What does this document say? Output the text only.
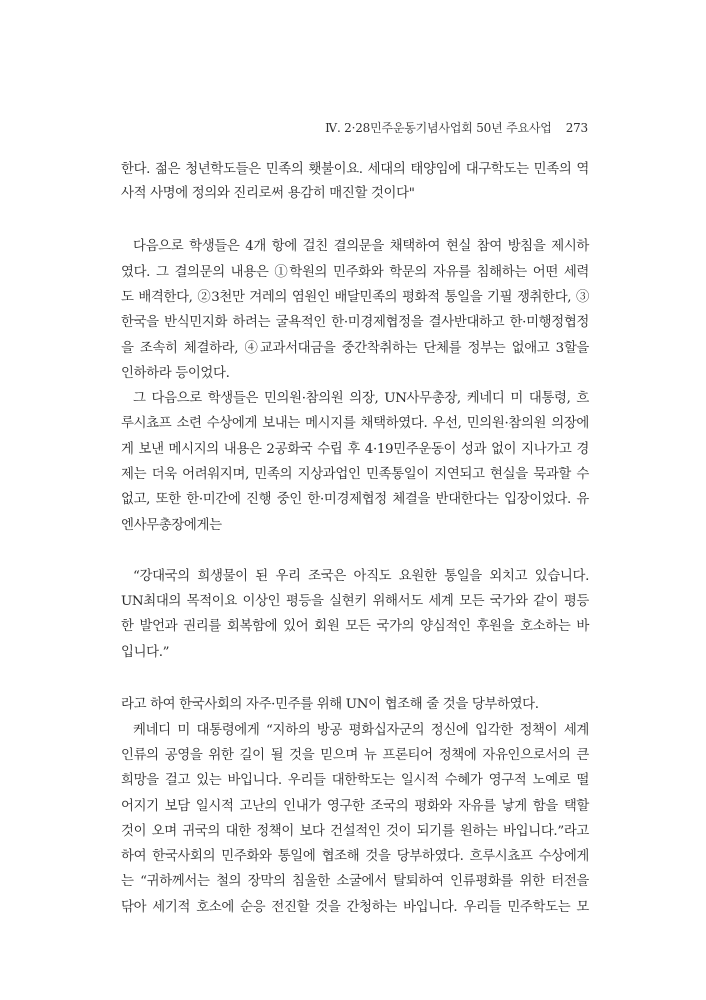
Ⅳ. 2·28민주운동기념사업회 50년 주요사업 273
한다. 젊은 청년학도들은 민족의 횃불이요. 세대의 태양임에 대구학도는 민족의 역
사적 사명에 정의와 진리로써 용감히 매진할 것이다"
다음으로 학생들은 4개 항에 걸친 결의문을 채택하여 현실 참여 방침을 제시하
였다. 그 결의문의 내용은 ①학원의 민주화와 학문의 자유를 침해하는 어떤 세력
도 배격한다, ②3천만 겨레의 염원인 배달민족의 평화적 통일을 기필 쟁취한다, ③
한국을 반식민지화 하려는 굴욕적인 한·미경제협정을 결사반대하고 한·미행정협정
을 조속히 체결하라, ④교과서대금을 중간착취하는 단체를 정부는 없애고 3할을
인하하라 등이었다.
그 다음으로 학생들은 민의원·참의원 의장, UN사무총장, 케네디 미 대통령, 흐
루시쵸프 소련 수상에게 보내는 메시지를 채택하였다. 우선, 민의원·참의원 의장에
게 보낸 메시지의 내용은 2공화국 수립 후 4·19민주운동이 성과 없이 지나가고 경
제는 더욱 어려워지며, 민족의 지상과업인 민족통일이 지연되고 현실을 묵과할 수
없고, 또한 한·미간에 진행 중인 한·미경제협정 체결을 반대한다는 입장이었다. 유
엔사무총장에게는
“강대국의 희생물이 된 우리 조국은 아직도 요원한 통일을 외치고 있습니다.
UN최대의 목적이요 이상인 평등을 실현키 위해서도 세계 모든 국가와 같이 평등
한 발언과 권리를 회복함에 있어 회원 모든 국가의 양심적인 후원을 호소하는 바
입니다.”
라고 하여 한국사회의 자주·민주를 위해 UN이 협조해 줄 것을 당부하였다.
케네디 미 대통령에게 “지하의 방공 평화십자군의 정신에 입각한 정책이 세계
인류의 공영을 위한 길이 될 것을 믿으며 뉴 프론티어 정책에 자유인으로서의 큰
희망을 걸고 있는 바입니다. 우리들 대한학도는 일시적 수혜가 영구적 노예로 떨
어지기 보담 일시적 고난의 인내가 영구한 조국의 평화와 자유를 낳게 함을 택할
것이 오며 귀국의 대한 정책이 보다 건설적인 것이 되기를 원하는 바입니다.”라고
하여 한국사회의 민주화와 통일에 협조해 것을 당부하였다. 흐루시쵸프 수상에게
는 “귀하께서는 철의 장막의 침울한 소굴에서 탈퇴하여 인류평화를 위한 터전을
닦아 세기적 호소에 순응 전진할 것을 간청하는 바입니다. 우리들 민주학도는 모
